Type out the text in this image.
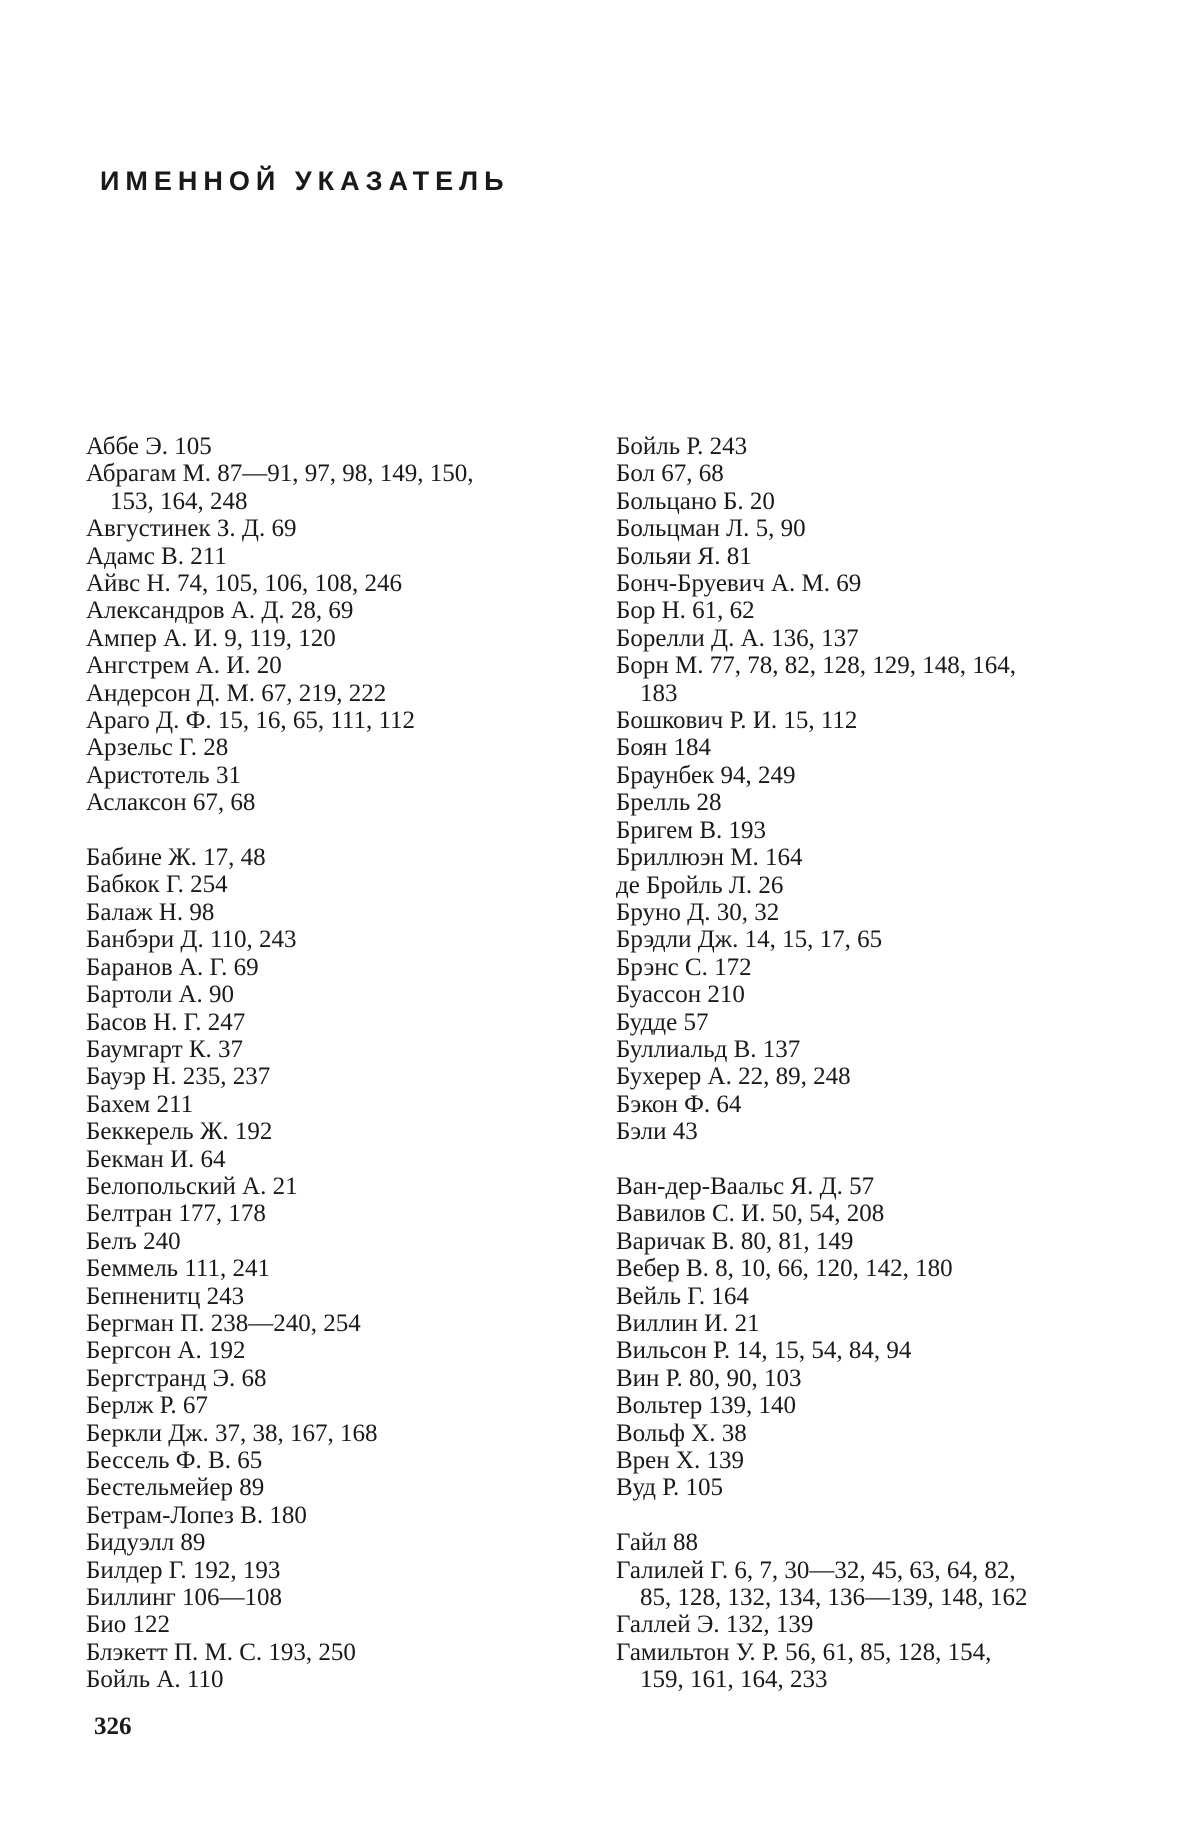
ИМЕННОЙ УКАЗАТЕЛЬ
Аббе Э. 105
Абрагам М. 87—91, 97, 98, 149, 150,
153, 164, 248
Августинек З. Д. 69
Адамс В. 211
Айвс Н. 74, 105, 106, 108, 246
Александров А. Д. 28, 69
Ампер А. И. 9, 119, 120
Ангстрем А. И. 20
Андерсон Д. М. 67, 219, 222
Араго Д. Ф. 15, 16, 65, 111, 112
Арзельс Г. 28
Аристотель 31
Аслаксон 67, 68
Бабине Ж. 17, 48
Бабкок Г. 254
Балаж Н. 98
Банбэри Д. 110, 243
Баранов А. Г. 69
Бартоли А. 90
Басов Н. Г. 247
Баумгарт К. 37
Бауэр Н. 235, 237
Бахем 211
Беккерель Ж. 192
Бекман И. 64
Белопольский А. 21
Белтран 177, 178
Белъ 240
Беммель 111, 241
Бепненитц 243
Бергман П. 238—240, 254
Бергсон А. 192
Бергстранд Э. 68
Берлж Р. 67
Беркли Дж. 37, 38, 167, 168
Бессель Ф. В. 65
Бестельмейер 89
Бетрам-Лопез В. 180
Бидуэлл 89
Билдер Г. 192, 193
Биллинг 106—108
Био 122
Блэкетт П. М. С. 193, 250
Бойль А. 110
Бойль Р. 243
Бол 67, 68
Больцано Б. 20
Больцман Л. 5, 90
Больяи Я. 81
Бонч-Бруевич А. М. 69
Бор Н. 61, 62
Борелли Д. А. 136, 137
Борн М. 77, 78, 82, 128, 129, 148, 164,
183
Бошкович Р. И. 15, 112
Боян 184
Браунбек 94, 249
Брелль 28
Бригем В. 193
Бриллюэн М. 164
де Бройль Л. 26
Бруно Д. 30, 32
Брэдли Дж. 14, 15, 17, 65
Брэнс С. 172
Буассон 210
Будде 57
Буллиальд В. 137
Бухерер А. 22, 89, 248
Бэкон Ф. 64
Бэли 43
Ван-дер-Ваальс Я. Д. 57
Вавилов С. И. 50, 54, 208
Варичак В. 80, 81, 149
Вебер В. 8, 10, 66, 120, 142, 180
Вейль Г. 164
Виллин И. 21
Вильсон Р. 14, 15, 54, 84, 94
Вин Р. 80, 90, 103
Вольтер 139, 140
Вольф Х. 38
Врен Х. 139
Вуд Р. 105
Гайл 88
Галилей Г. 6, 7, 30—32, 45, 63, 64, 82,
85, 128, 132, 134, 136—139, 148, 162
Галлей Э. 132, 139
Гамильтон У. Р. 56, 61, 85, 128, 154,
159, 161, 164, 233
326
